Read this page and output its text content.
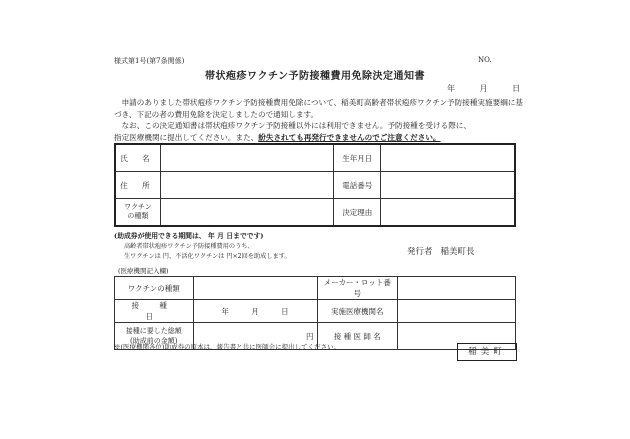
様式第1号(第7条関係)	NO.
帯状疱疹ワクチン予防接種費用免除決定通知書
年 月 日

申請のありました帯状疱疹ワクチン予防接種費用免除について、稲美町高齢者帯状疱疹ワクチン予防接種実施要綱に基づき、下記の者の費用免除を決定しましたので通知します。

なお、この決定通知書は帯状疱疹ワクチン予防接種以外には利用できません。予防接種を受ける際に、

指定医療機関に提出してください。また、紛失されても再発行できませんのでご注意ください。

氏 名		生年月日	
住 所		電話番号	
ワクチン
の種類		決定理由	
(助成券が使用できる期間は、 年 月 日までです)
高齢者帯状疱疹ワクチン予防接種費用のうち、
生ワクチンは 円、不活化ワクチンは 円×2回を助成します。	発行者 稲美町長
(医療機関記入欄)
ワクチンの種類		メーカー・ロット番号	
接 種 日	年 月 日	実施医療機関名	
接種に要した総額
(助成前の金額)	円	接 種 医 師 名	
※(医療機関各位)助成券の原本は、報告書と共に医師会に提出してください。	稲美町
